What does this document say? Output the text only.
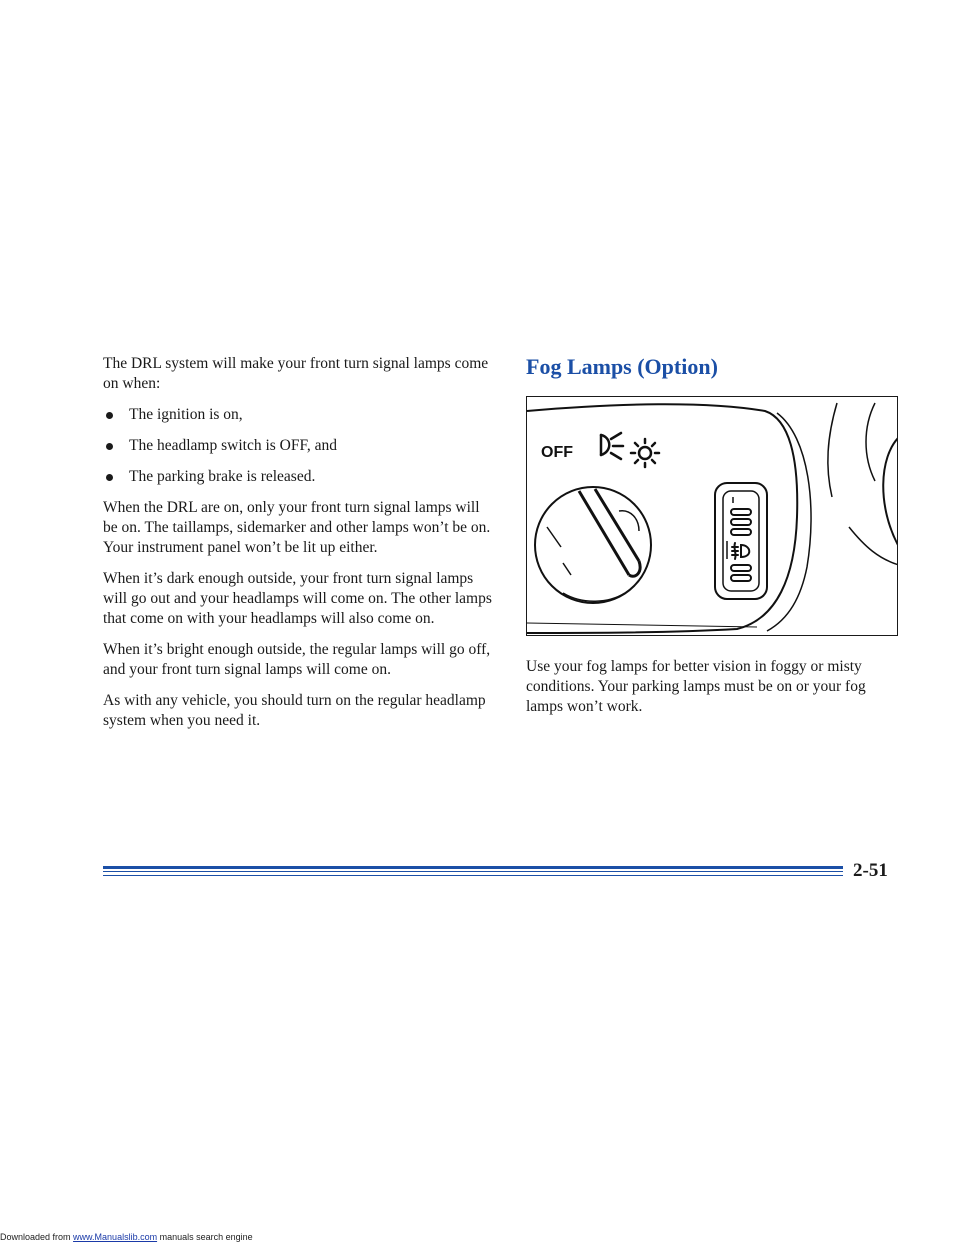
The DRL system will make your front turn signal lamps come on when:

The ignition is on,
The headlamp switch is OFF, and
The parking brake is released.

When the DRL are on, only your front turn signal lamps will be on. The taillamps, sidemarker and other lamps won’t be on. Your instrument panel won’t be lit up either.

When it’s dark enough outside, your front turn signal lamps will go out and your headlamps will come on. The other lamps that come on with your headlamps will also come on.

When it’s bright enough outside, the regular lamps will go off, and your front turn signal lamps will come on.

As with any vehicle, you should turn on the regular headlamp system when you need it.

Fog Lamps (Option)
OFF

Use your fog lamps for better vision in foggy or misty conditions. Your parking lamps must be on or your fog lamps won’t work.

2-51
Downloaded from www.Manualslib.com manuals search engine
